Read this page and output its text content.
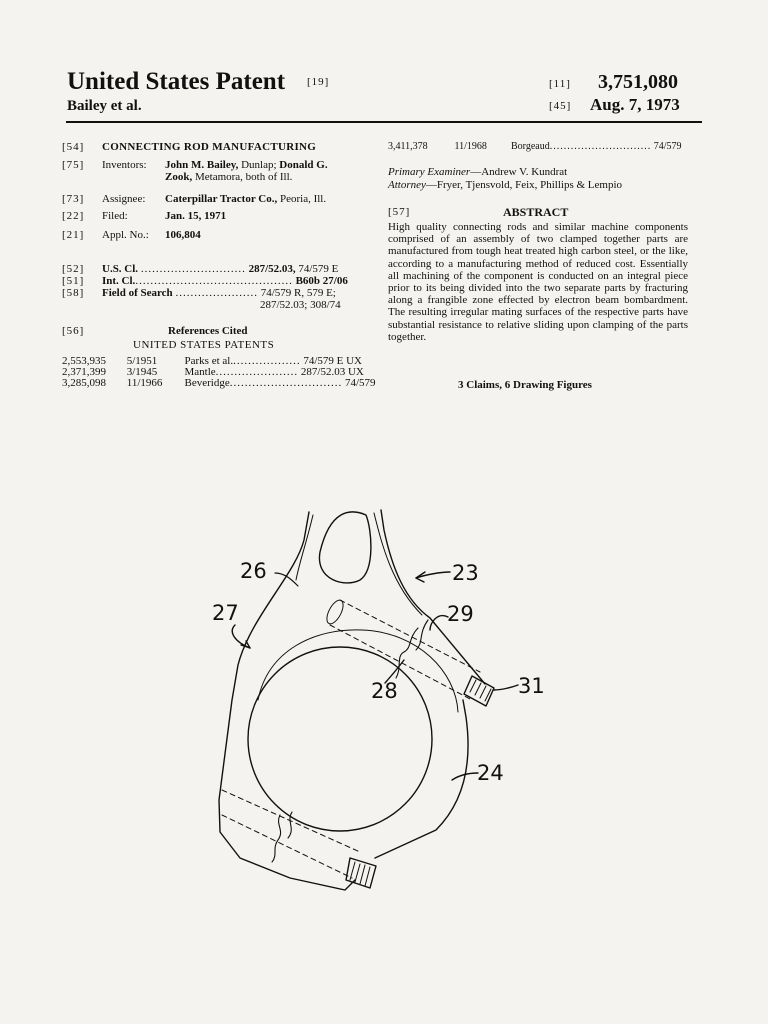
United States Patent [19]
Bailey et al.
[11] 3,751,080
[45] Aug. 7, 1973
[54] CONNECTING ROD MANUFACTURING
[75] Inventors: John M. Bailey, Dunlap; Donald G.
Zook, Metamora, both of Ill.
[73] Assignee: Caterpillar Tractor Co., Peoria, Ill.
[22] Filed:	Jan. 15, 1971
[21] Appl. No.: 106,804
[52] U.S. Cl. ............................ 287/52.03, 74/579 E
[51] Int. Cl........................................... B60b 27/06
[58] Field of Search ...................... 74/579 R, 579 E;
287/52.03; 308/74
[56]	References Cited
UNITED STATES PATENTS
2,553,935 5/1951 Parks et al................... 74/579 E UX
2,371,399 3/1945 Mantle...................... 287/52.03 UX
3,285,098 11/1966 Beveridge.............................. 74/579
3,411,378	11/1968 Borgeaud............................. 74/579
Primary Examiner—Andrew V. Kundrat
Attorney—Fryer, Tjensvold, Feix, Phillips & Lempio
[57]	ABSTRACT
High quality connecting rods and similar machine components comprised of an assembly of two clamped together parts are manufactured from tough heat treated high carbon steel, or the like, according to a manufacturing method of reduced cost. Essentially all machining of the component is conducted on an integral piece prior to its being divided into the two separate parts by fracturing along a frangible zone effected by electron beam bombardment. The resulting irregular mating surfaces of the respective parts have substantial resistance to relative sliding upon clamping of the parts together.
3 Claims, 6 Drawing Figures
26	23
27	29
28	31
24
